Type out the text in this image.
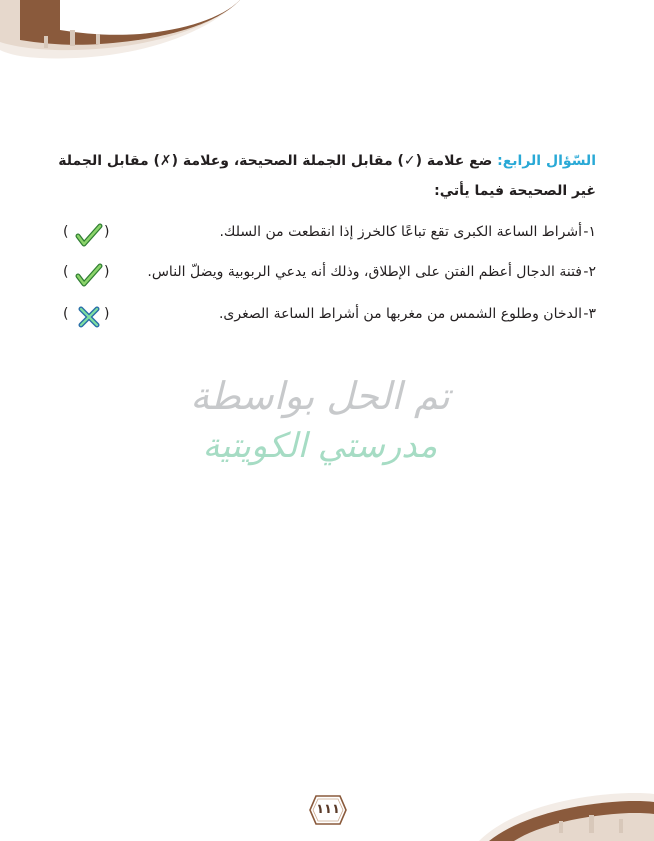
السّؤال الرابع: ضع علامة (✓) مقابل الجملة الصحيحة، وعلامة (✗) مقابل الجملة غير الصحيحة فيما يأتي:
١-
أشراط الساعة الكبرى تقع تباعًا كالخرز إذا انقطعت من السلك.
(
)
٢-
فتنة الدجال أعظم الفتن على الإطلاق، وذلك أنه يدعي الربوبية ويضلّ الناس.
(
)
٣-
الدخان وطلوع الشمس من مغربها من أشراط الساعة الصغرى.
(
)
تم الحل بواسطة
مدرستي الكويتية
١١١
